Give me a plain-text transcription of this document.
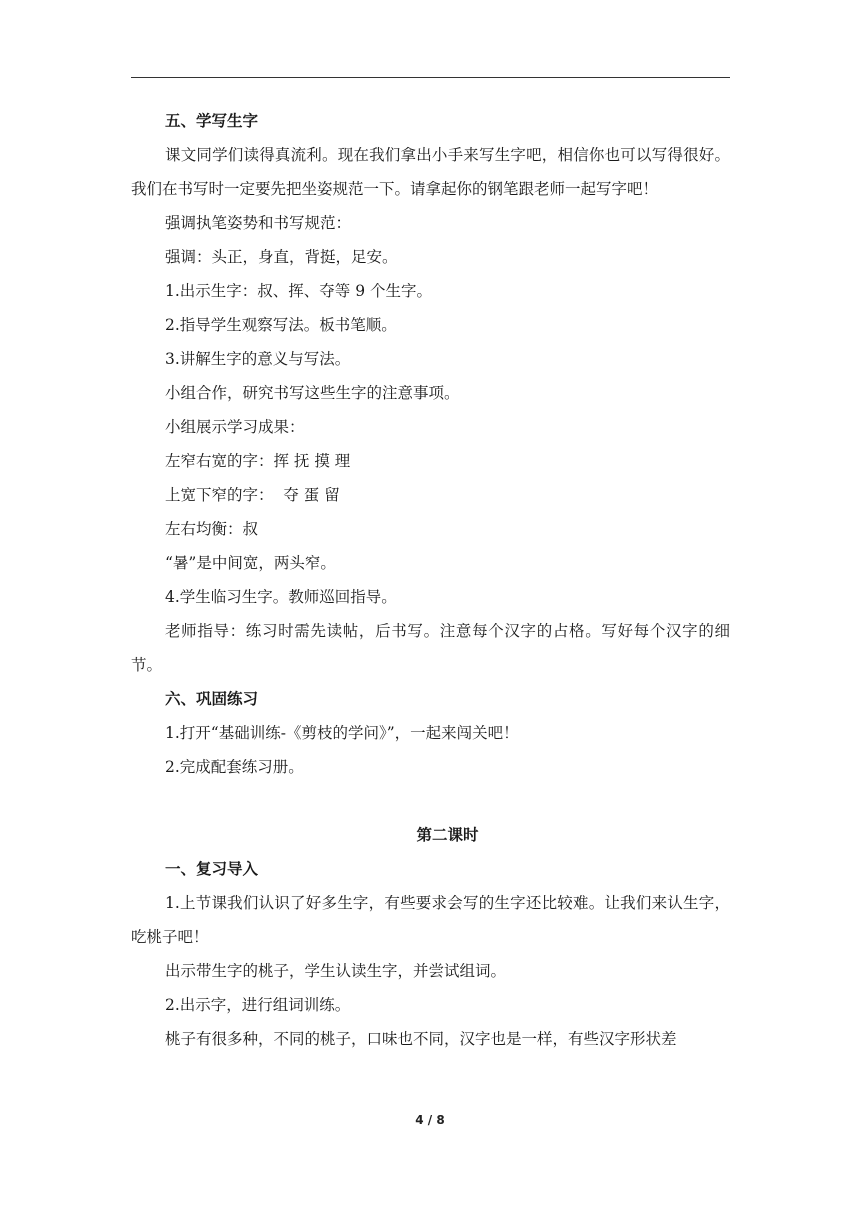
五、学写生字
课文同学们读得真流利。现在我们拿出小手来写生字吧，相信你也可以写得很好。我们在书写时一定要先把坐姿规范一下。请拿起你的钢笔跟老师一起写字吧！
强调执笔姿势和书写规范：
强调：头正，身直，背挺，足安。
1.出示生字：叔、挥、夺等 9 个生字。
2.指导学生观察写法。板书笔顺。
3.讲解生字的意义与写法。
小组合作，研究书写这些生字的注意事项。
小组展示学习成果：
左窄右宽的字：挥 抚 摸 理
上宽下窄的字：  夺 蛋 留
左右均衡：叔
“暑”是中间宽，两头窄。
4.学生临习生字。教师巡回指导。
老师指导：练习时需先读帖，后书写。注意每个汉字的占格。写好每个汉字的细节。
六、巩固练习
1.打开“基础训练-《剪枝的学问》”，一起来闯关吧！
2.完成配套练习册。
第二课时
一、复习导入
1.上节课我们认识了好多生字，有些要求会写的生字还比较难。让我们来认生字，吃桃子吧！
出示带生字的桃子，学生认读生字，并尝试组词。
2.出示字，进行组词训练。
桃子有很多种，不同的桃子，口味也不同，汉字也是一样，有些汉字形状差
4 / 8
